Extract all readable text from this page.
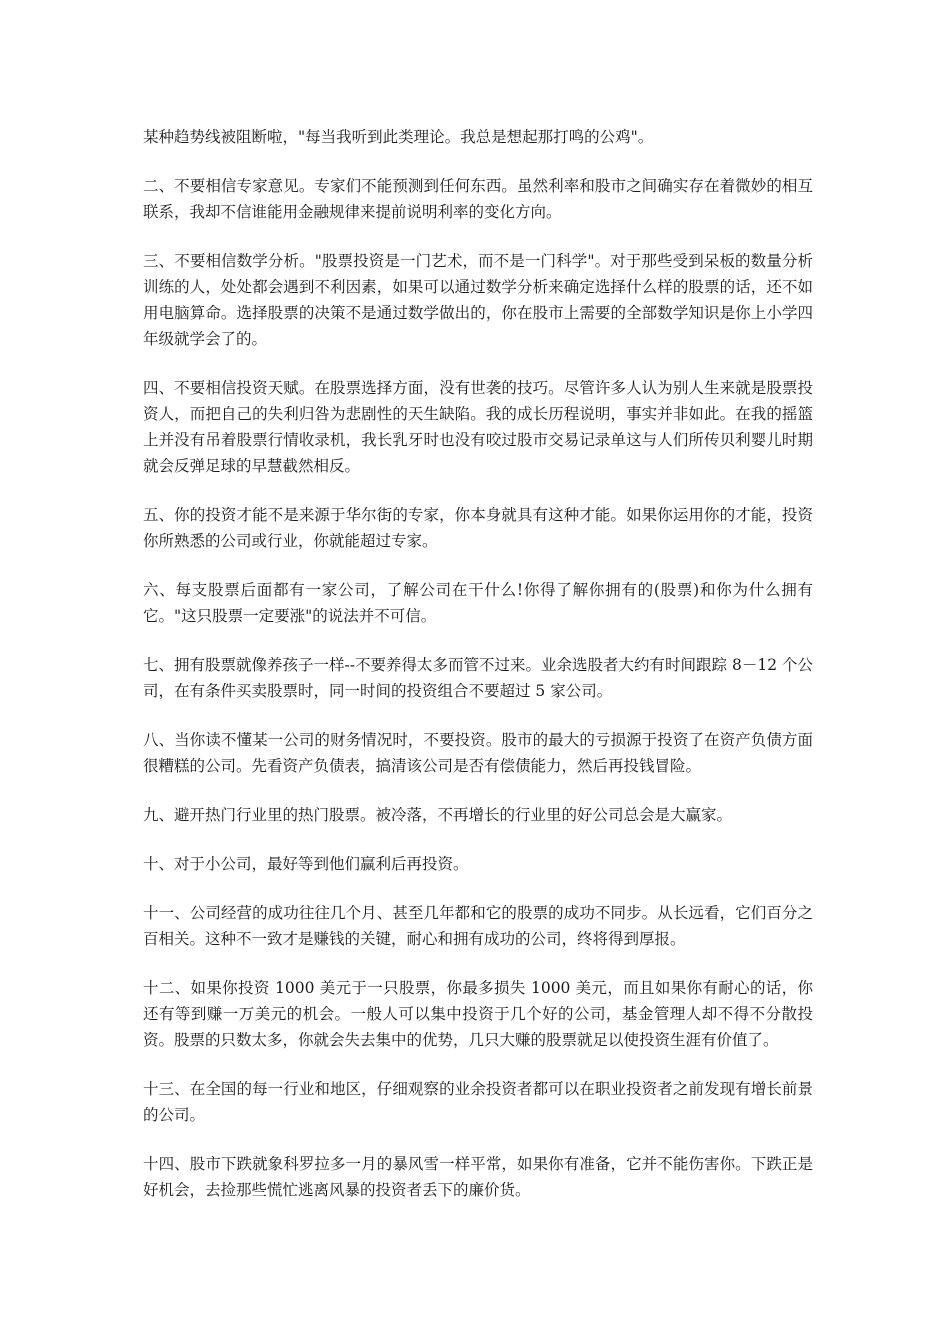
某种趋势线被阻断啦，"每当我听到此类理论。我总是想起那打鸣的公鸡"。

二、不要相信专家意见。专家们不能预测到任何东西。虽然利率和股市之间确实存在着微妙的相互联系，我却不信谁能用金融规律来提前说明利率的变化方向。

三、不要相信数学分析。"股票投资是一门艺术，而不是一门科学"。对于那些受到呆板的数量分析训练的人，处处都会遇到不利因素，如果可以通过数学分析来确定选择什么样的股票的话，还不如用电脑算命。选择股票的决策不是通过数学做出的，你在股市上需要的全部数学知识是你上小学四年级就学会了的。

四、不要相信投资天赋。在股票选择方面，没有世袭的技巧。尽管许多人认为别人生来就是股票投资人，而把自己的失利归咎为悲剧性的天生缺陷。我的成长历程说明，事实并非如此。在我的摇篮上并没有吊着股票行情收录机，我长乳牙时也没有咬过股市交易记录单这与人们所传贝利婴儿时期就会反弹足球的早慧截然相反。

五、你的投资才能不是来源于华尔街的专家，你本身就具有这种才能。如果你运用你的才能，投资你所熟悉的公司或行业，你就能超过专家。

六、每支股票后面都有一家公司，了解公司在干什么!你得了解你拥有的(股票)和你为什么拥有它。"这只股票一定要涨"的说法并不可信。

七、拥有股票就像养孩子一样--不要养得太多而管不过来。业余选股者大约有时间跟踪 8－12 个公司，在有条件买卖股票时，同一时间的投资组合不要超过 5 家公司。

八、当你读不懂某一公司的财务情况时，不要投资。股市的最大的亏损源于投资了在资产负债方面很糟糕的公司。先看资产负债表，搞清该公司是否有偿债能力，然后再投钱冒险。

九、避开热门行业里的热门股票。被冷落，不再增长的行业里的好公司总会是大赢家。

十、对于小公司，最好等到他们赢利后再投资。

十一、公司经营的成功往往几个月、甚至几年都和它的股票的成功不同步。从长远看，它们百分之百相关。这种不一致才是赚钱的关键，耐心和拥有成功的公司，终将得到厚报。

十二、如果你投资 1000 美元于一只股票，你最多损失 1000 美元，而且如果你有耐心的话，你还有等到赚一万美元的机会。一般人可以集中投资于几个好的公司，基金管理人却不得不分散投资。股票的只数太多，你就会失去集中的优势，几只大赚的股票就足以使投资生涯有价值了。

十三、在全国的每一行业和地区，仔细观察的业余投资者都可以在职业投资者之前发现有增长前景的公司。

十四、股市下跌就象科罗拉多一月的暴风雪一样平常，如果你有准备，它并不能伤害你。下跌正是好机会，去捡那些慌忙逃离风暴的投资者丢下的廉价货。
